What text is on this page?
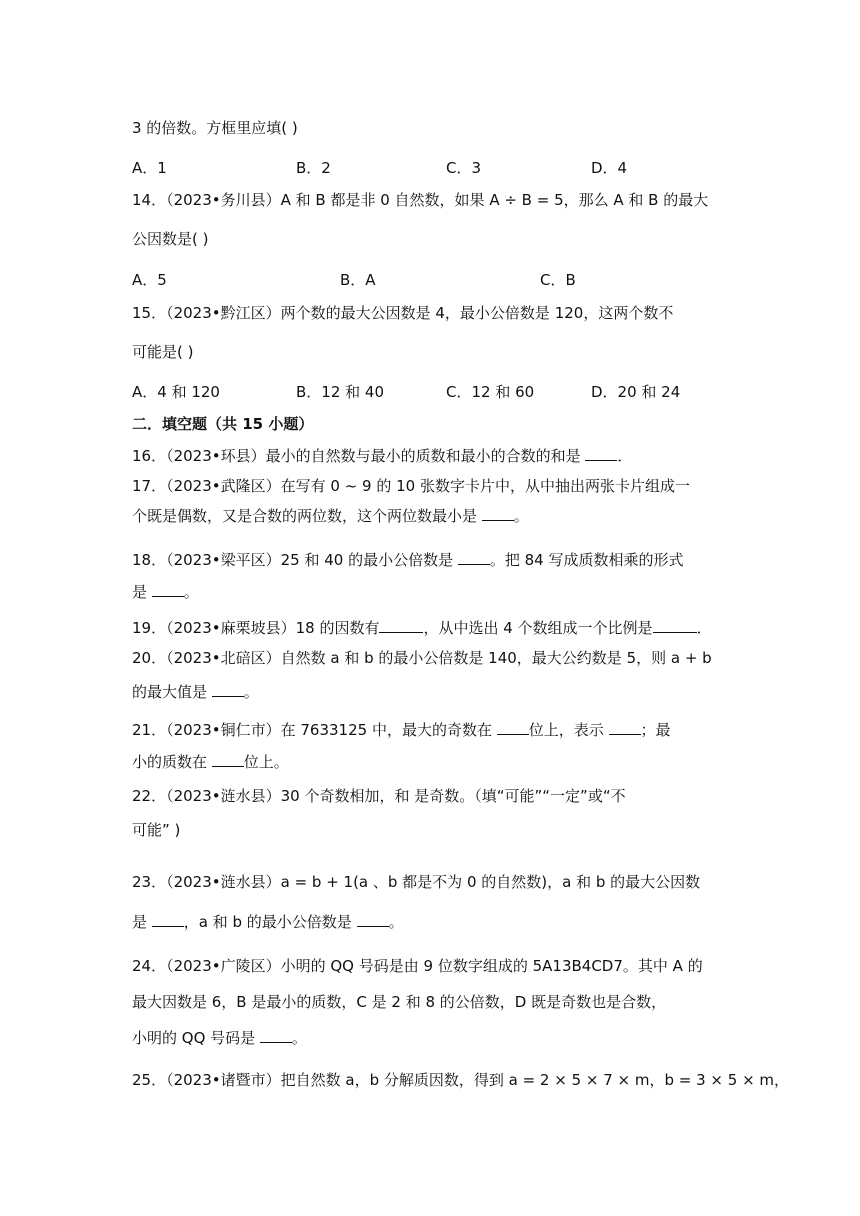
3 的倍数。方框里应填( )
A．1	B．2	C．3	D．4
14．（2023•务川县）A 和 B 都是非 0 自然数，如果 A ÷ B = 5，那么 A 和 B 的最大
公因数是( )
A．5	B．A	C．B
15．（2023•黔江区）两个数的最大公因数是 4，最小公倍数是 120，这两个数不
可能是( )
A．4 和 120	B．12 和 40	C．12 和 60	D．20 和 24
二．填空题（共 15 小题）
16．（2023•环县）最小的自然数与最小的质数和最小的合数的和是 ．
17．（2023•武隆区）在写有 0 ~ 9 的 10 张数字卡片中，从中抽出两张卡片组成一
个既是偶数，又是合数的两位数，这个两位数最小是 。
18．（2023•梁平区）25 和 40 的最小公倍数是 。把 84 写成质数相乘的形式
是 。
19．（2023•麻栗坡县）18 的因数有	，从中选出 4 个数组成一个比例是	．
20．（2023•北碚区）自然数 a 和 b 的最小公倍数是 140，最大公约数是 5，则 a + b
的最大值是 。
21．（2023•铜仁市）在 7633125 中，最大的奇数在 位上，表示 ；最
小的质数在 位上。
22．（2023•涟水县）30 个奇数相加，和 是奇数。（填“可能”“一定”或“不
可能” )
23．（2023•涟水县）a = b + 1(a 、b 都是不为 0 的自然数)，a 和 b 的最大公因数
是 ，a 和 b 的最小公倍数是 。
24．（2023•广陵区）小明的 QQ 号码是由 9 位数字组成的 5A13B4CD7。其中 A 的
最大因数是 6，B 是最小的质数，C 是 2 和 8 的公倍数，D 既是奇数也是合数，
小明的 QQ 号码是 。
25．（2023•诸暨市）把自然数 a，b 分解质因数，得到 a = 2 × 5 × 7 × m，b = 3 × 5 × m，
